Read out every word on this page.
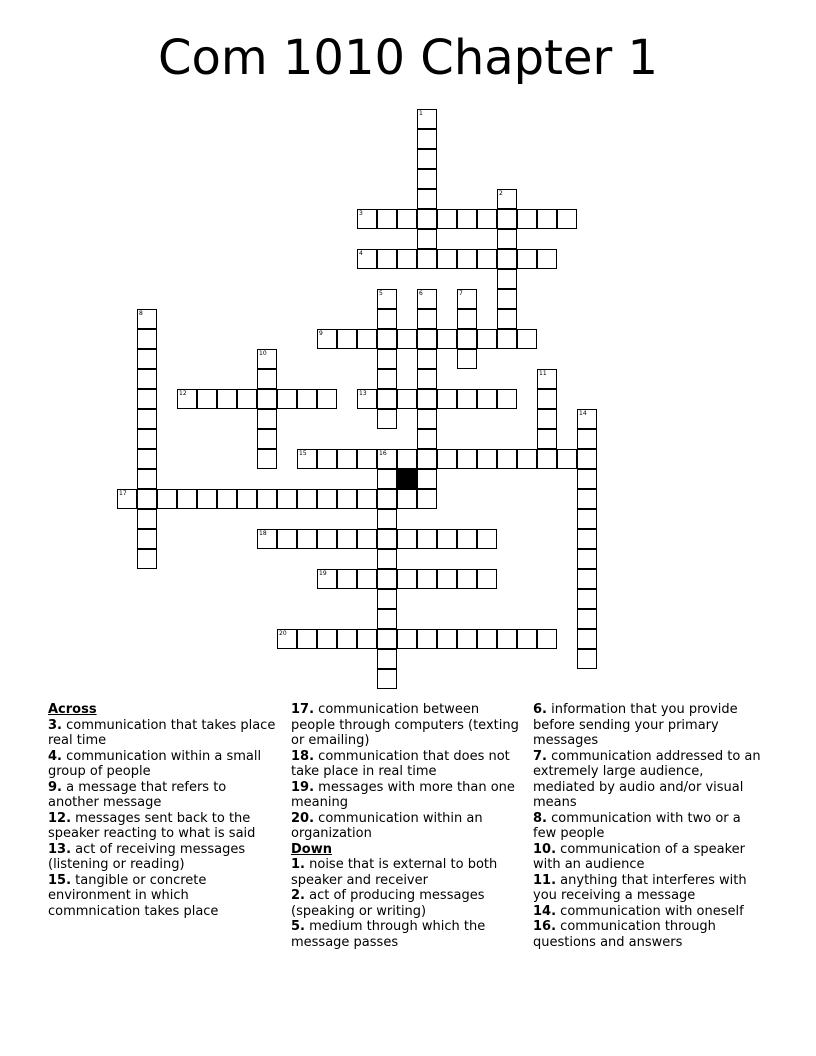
Com 1010 Chapter 1
1
2
3
4
5	6	7
8
9
10
11
12	13
14
15	16
17
18
19
20
Across
3. communication that takes place real time
4. communication within a small group of people
9. a message that refers to another message
12. messages sent back to the speaker reacting to what is said
13. act of receiving messages (listening or reading)
15. tangible or concrete environment in which commnication takes place
17. communication between people through computers (texting or emailing)
18. communication that does not take place in real time
19. messages with more than one meaning
20. communication within an organization
Down
1. noise that is external to both speaker and receiver
2. act of producing messages (speaking or writing)
5. medium through which the message passes
6. information that you provide before sending your primary messages
7. communication addressed to an extremely large audience, mediated by audio and/or visual means
8. communication with two or a few people
10. communication of a speaker with an audience
11. anything that interferes with you receiving a message
14. communication with oneself
16. communication through questions and answers
